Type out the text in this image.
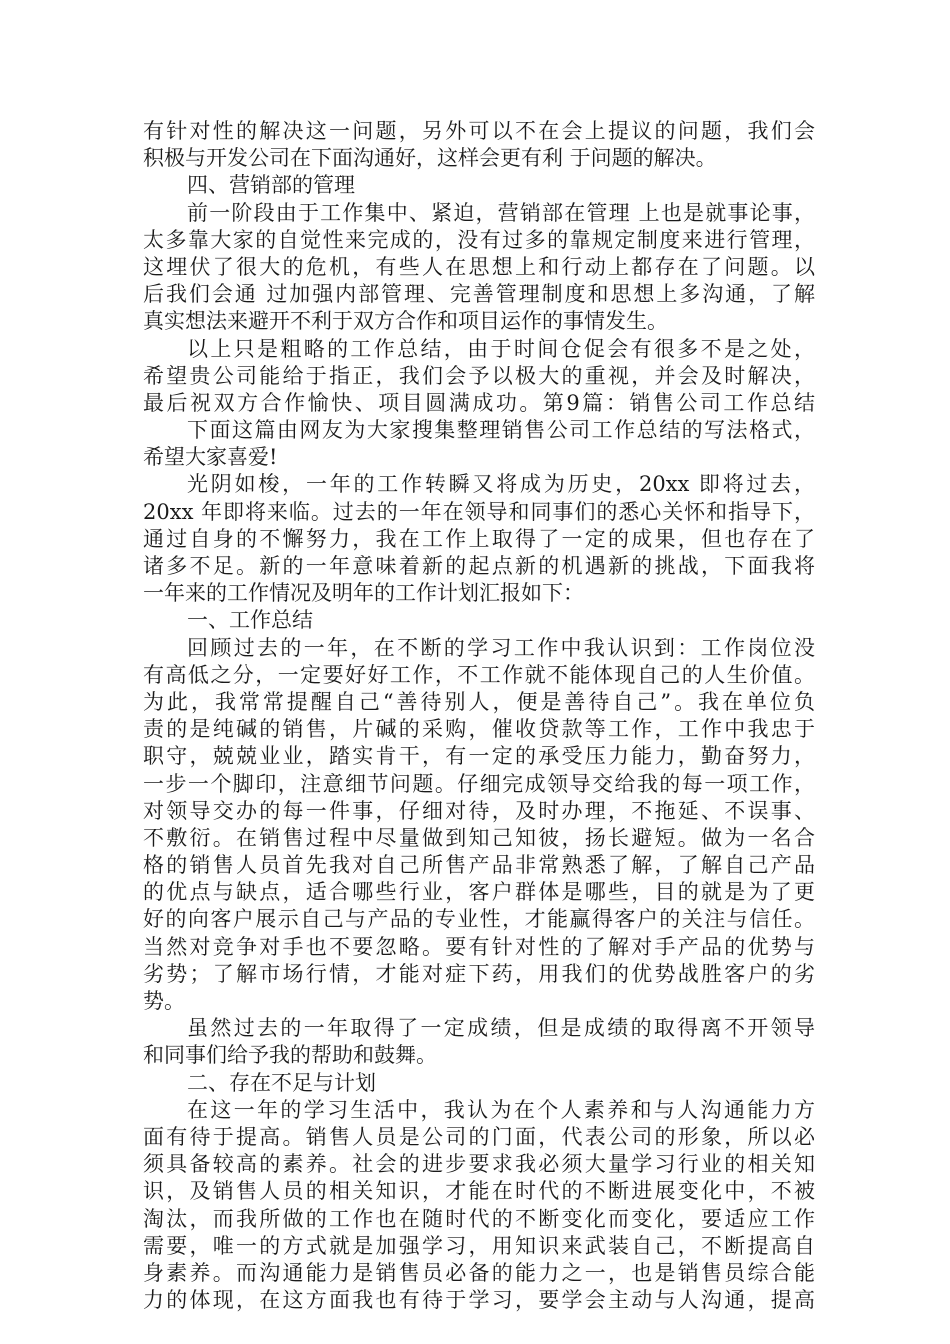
有针对性的解决这一问题，另外可以不在会上提议的问题，我们会
积极与开发公司在下面沟通好，这样会更有利 于问题的解决。
四、营销部的管理
前一阶段由于工作集中、紧迫，营销部在管理 上也是就事论事，
太多靠大家的自觉性来完成的，没有过多的靠规定制度来进行管理，
这埋伏了很大的危机，有些人在思想上和行动上都存在了问题。以
后我们会通 过加强内部管理、完善管理制度和思想上多沟通，了解
真实想法来避开不利于双方合作和项目运作的事情发生。
以上只是粗略的工作总结，由于时间仓促会有很多不是之处，
希望贵公司能给于指正，我们会予以极大的重视，并会及时解决，
最后祝双方合作愉快、项目圆满成功。第9篇：销售公司工作总结
下面这篇由网友为大家搜集整理销售公司工作总结的写法格式，
希望大家喜爱!
光阴如梭，一年的工作转瞬又将成为历史，20xx 即将过去，
20xx 年即将来临。过去的一年在领导和同事们的悉心关怀和指导下，
通过自身的不懈努力，我在工作上取得了一定的成果，但也存在了
诸多不足。新的一年意味着新的起点新的机遇新的挑战，下面我将
一年来的工作情况及明年的工作计划汇报如下：
一、工作总结
回顾过去的一年，在不断的学习工作中我认识到：工作岗位没
有高低之分，一定要好好工作，不工作就不能体现自己的人生价值。
为此，我常常提醒自己“善待别人，便是善待自己”。我在单位负
责的是纯碱的销售，片碱的采购，催收贷款等工作，工作中我忠于
职守，兢兢业业，踏实肯干，有一定的承受压力能力，勤奋努力，
一步一个脚印，注意细节问题。仔细完成领导交给我的每一项工作，
对领导交办的每一件事，仔细对待，及时办理，不拖延、不误事、
不敷衍。在销售过程中尽量做到知己知彼，扬长避短。做为一名合
格的销售人员首先我对自己所售产品非常熟悉了解，了解自己产品
的优点与缺点，适合哪些行业，客户群体是哪些，目的就是为了更
好的向客户展示自己与产品的专业性，才能赢得客户的关注与信任。
当然对竞争对手也不要忽略。要有针对性的了解对手产品的优势与
劣势；了解市场行情，才能对症下药，用我们的优势战胜客户的劣
势。
虽然过去的一年取得了一定成绩，但是成绩的取得离不开领导
和同事们给予我的帮助和鼓舞。
二、存在不足与计划
在这一年的学习生活中，我认为在个人素养和与人沟通能力方
面有待于提高。销售人员是公司的门面，代表公司的形象，所以必
须具备较高的素养。社会的进步要求我必须大量学习行业的相关知
识，及销售人员的相关知识，才能在时代的不断进展变化中，不被
淘汰，而我所做的工作也在随时代的不断变化而变化，要适应工作
需要，唯一的方式就是加强学习，用知识来武装自己，不断提高自
身素养。而沟通能力是销售员必备的能力之一，也是销售员综合能
力的体现，在这方面我也有待于学习，要学会主动与人沟通，提高
